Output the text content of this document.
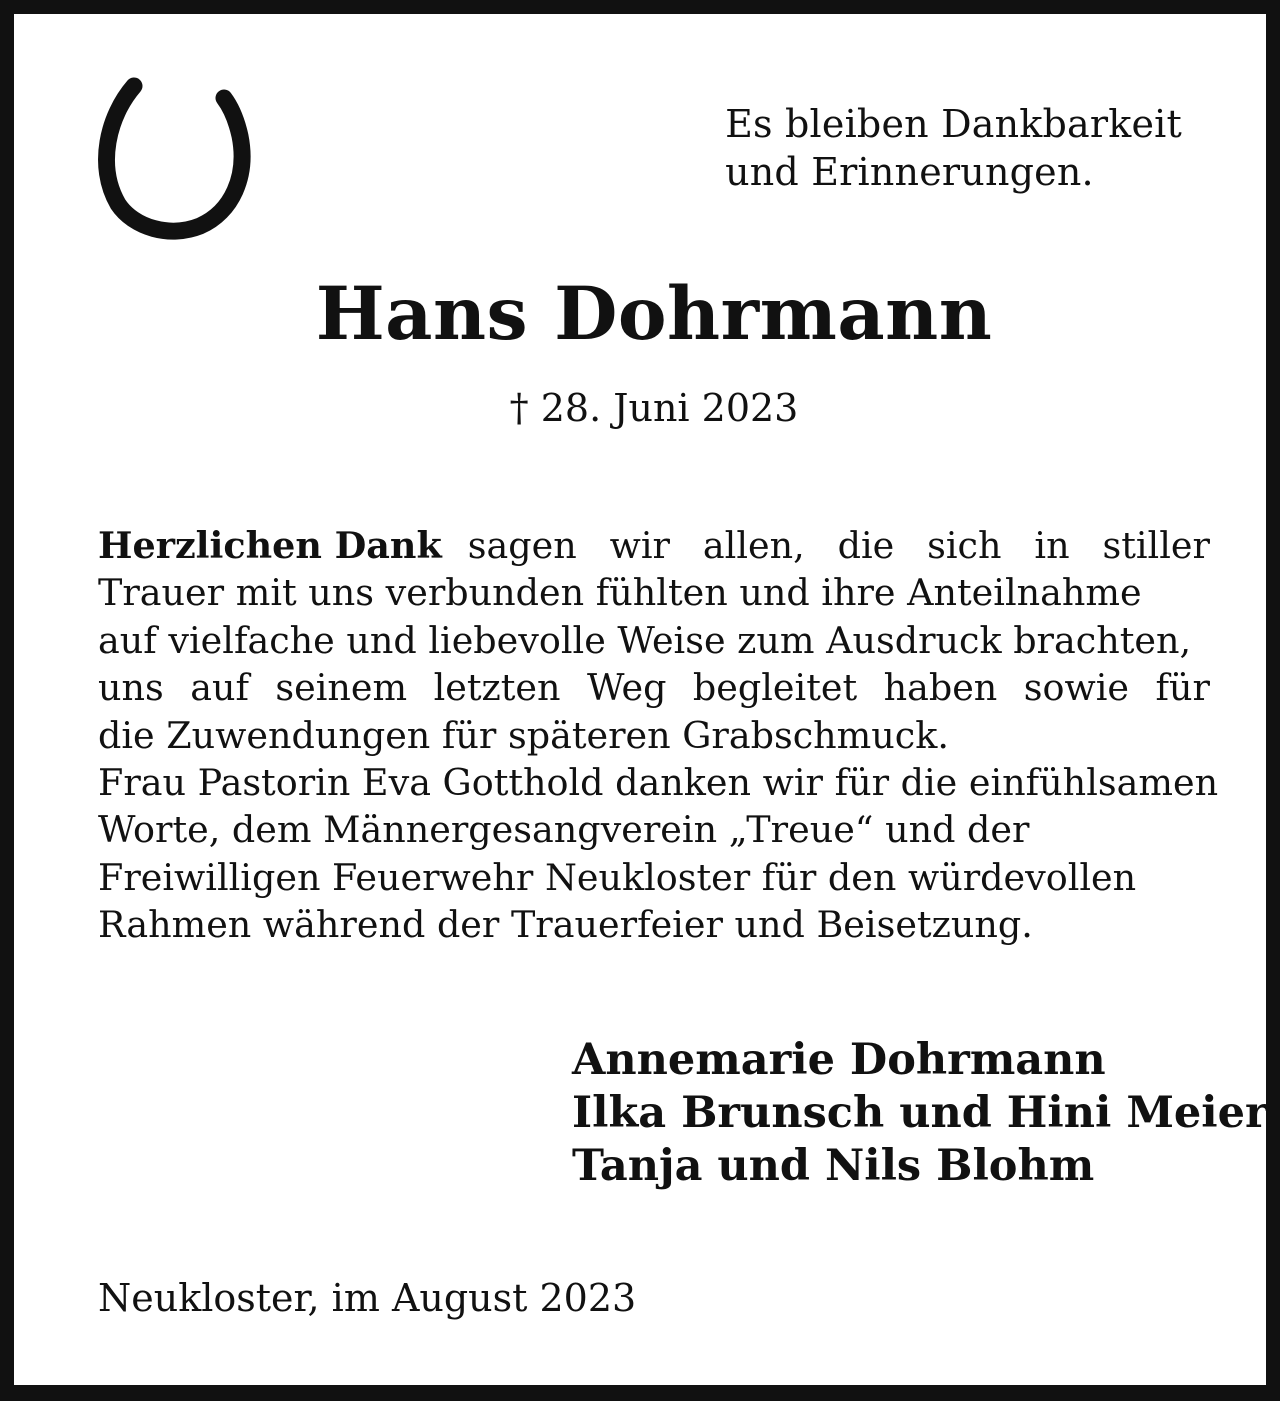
Es bleiben Dankbarkeit
und Erinnerungen.
Hans Dohrmann
† 28. Juni 2023
Herzlichen Dank sagen wir allen, die sich in stiller
Trauer mit uns verbunden fühlten und ihre Anteilnahme
auf vielfache und liebevolle Weise zum Ausdruck brachten,
uns auf seinem letzten Weg begleitet haben sowie für
die Zuwendungen für späteren Grabschmuck.
Frau Pastorin Eva Gotthold danken wir für die einfühlsamen
Worte, dem Männergesangverein „Treue“ und der
Freiwilligen Feuerwehr Neukloster für den würdevollen
Rahmen während der Trauerfeier und Beisetzung.
Annemarie Dohrmann
Ilka Brunsch und Hini Meier
Tanja und Nils Blohm
Neukloster, im August 2023
